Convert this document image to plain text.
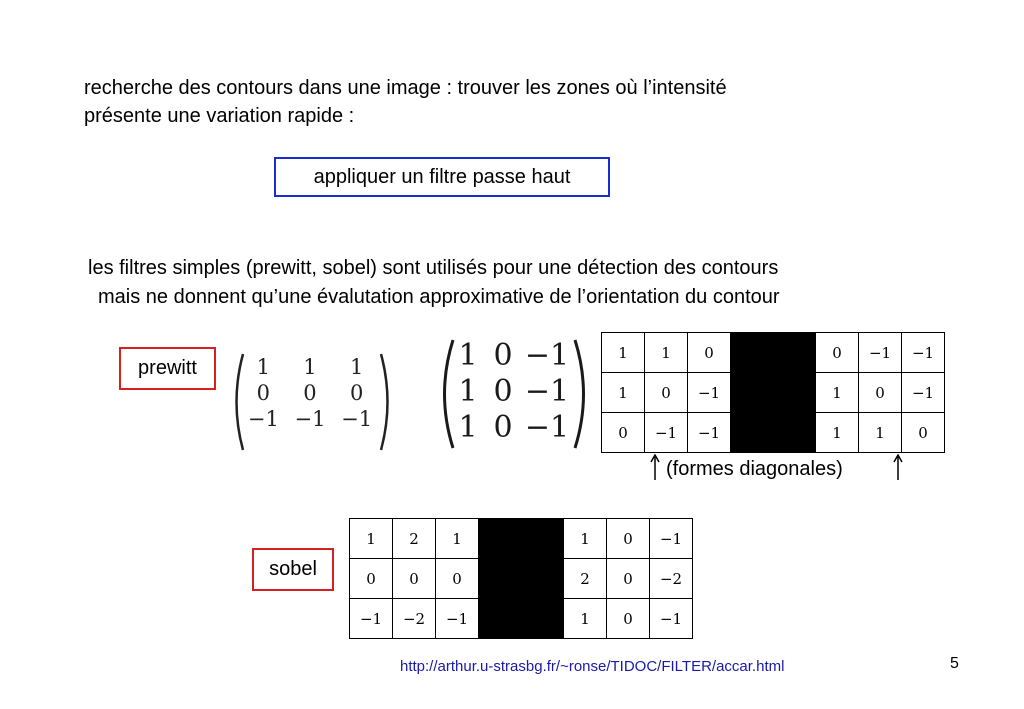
recherche des contours dans une image : trouver les zones où l’intensité

présente une variation rapide :

appliquer un filtre passe haut

les filtres simples (prewitt, sobel) sont utilisés pour une détection des contours

mais ne donnent qu’une évalutation approximative de l’orientation du contour

prewitt	1	1	1
0	0	0
−1 −1 −1
1 0 −1
1 0 −1
1 0 −1
1	1	0		0	−1	−1
1	0	−1		1	0	−1
0	−1	−1		1	1	0
(formes diagonales)
sobel
1	2	1		1	0	−1
0	0	0		2	0	−2
−1	−2	−1		1	0	−1
http://arthur.u-strasbg.fr/~ronse/TIDOC/FILTER/accar.html	5
